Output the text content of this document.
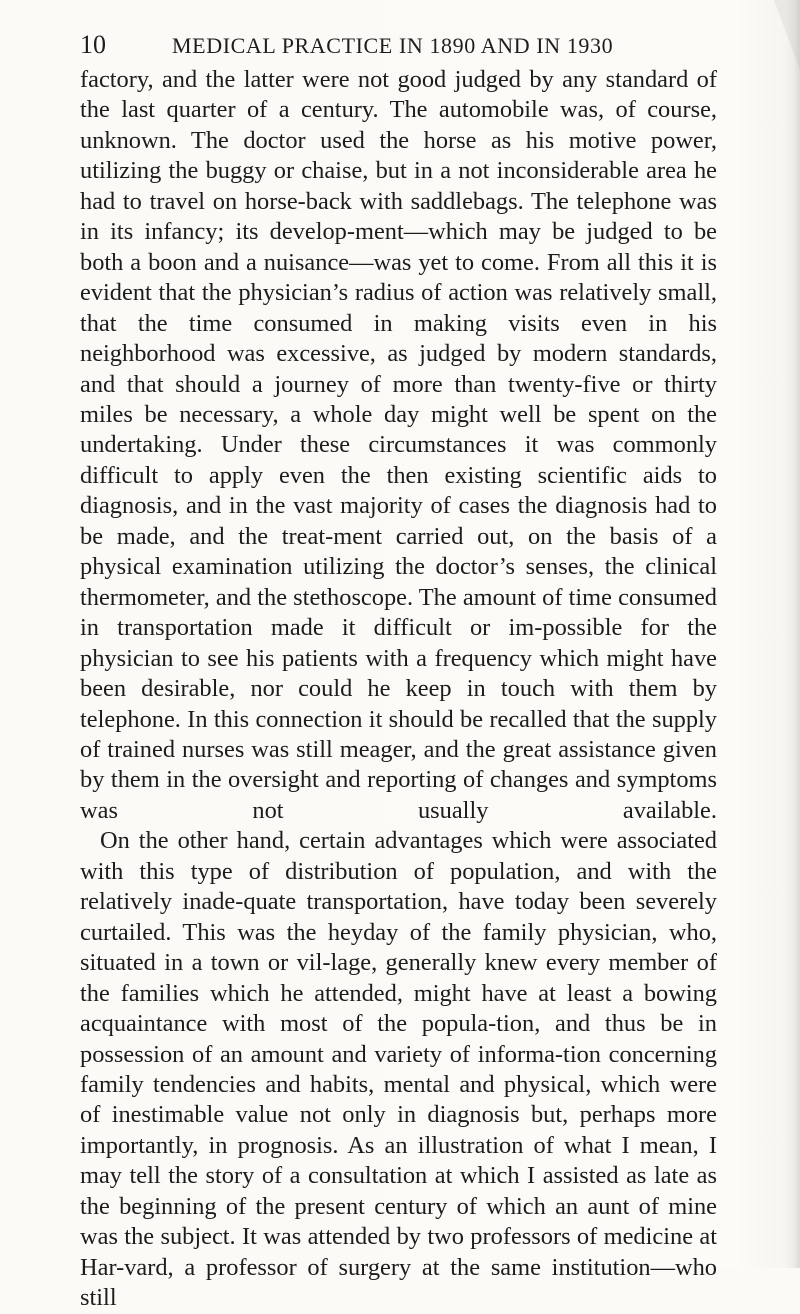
10	MEDICAL PRACTICE IN 1890 AND IN 1930

factory, and the latter were not good judged by any standard of the last quarter of a century. The automobile was, of course, unknown. The doctor used the horse as his motive power, utilizing the buggy or chaise, but in a not inconsiderable area he had to travel on horse-back with saddlebags. The telephone was in its infancy; its develop-ment—which may be judged to be both a boon and a nuisance—was yet to come. From all this it is evident that the physician’s radius of action was relatively small, that the time consumed in making visits even in his neighborhood was excessive, as judged by modern standards, and that should a journey of more than twenty-five or thirty miles be necessary, a whole day might well be spent on the undertaking. Under these circumstances it was commonly difficult to apply even the then existing scientific aids to diagnosis, and in the vast majority of cases the diagnosis had to be made, and the treat-ment carried out, on the basis of a physical examination utilizing the doctor’s senses, the clinical thermometer, and the stethoscope. The amount of time consumed in transportation made it difficult or im-possible for the physician to see his patients with a frequency which might have been desirable, nor could he keep in touch with them by telephone. In this connection it should be recalled that the supply of trained nurses was still meager, and the great assistance given by them in the oversight and reporting of changes and symptoms was not usually available.

On the other hand, certain advantages which were associated with this type of distribution of population, and with the relatively inade-quate transportation, have today been severely curtailed. This was the heyday of the family physician, who, situated in a town or vil-lage, generally knew every member of the families which he attended, might have at least a bowing acquaintance with most of the popula-tion, and thus be in possession of an amount and variety of informa-tion concerning family tendencies and habits, mental and physical, which were of inestimable value not only in diagnosis but, perhaps more importantly, in prognosis. As an illustration of what I mean, I may tell the story of a consultation at which I assisted as late as the beginning of the present century of which an aunt of mine was the subject. It was attended by two professors of medicine at Har-vard, a professor of surgery at the same institution—who still
